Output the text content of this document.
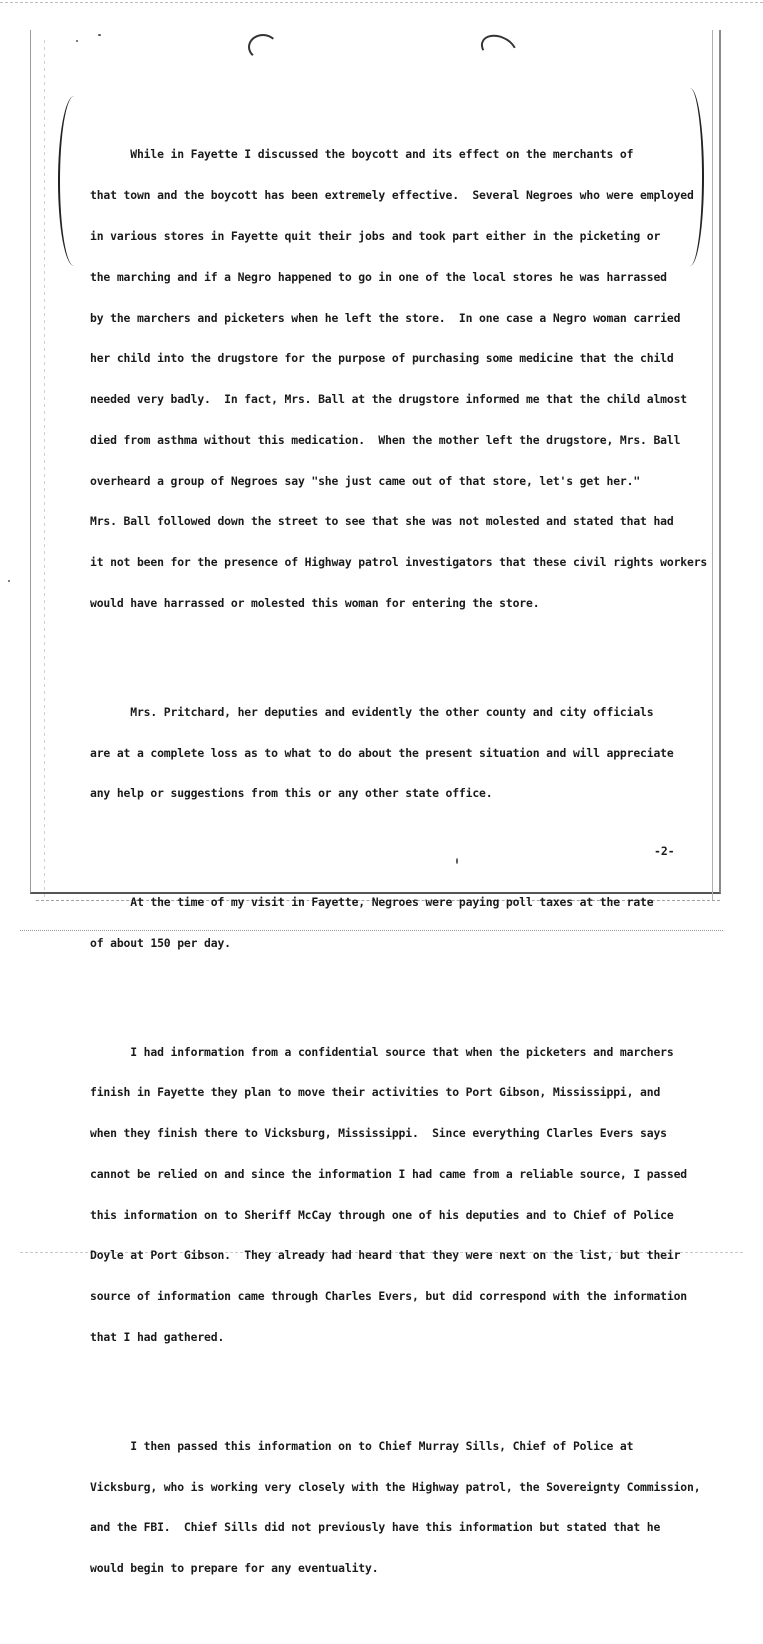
While in Fayette I discussed the boycott and its effect on the merchants of

that town and the boycott has been extremely effective.  Several Negroes who were employed

in various stores in Fayette quit their jobs and took part either in the picketing or

the marching and if a Negro happened to go in one of the local stores he was harrassed

by the marchers and picketers when he left the store.  In one case a Negro woman carried

her child into the drugstore for the purpose of purchasing some medicine that the child

needed very badly.  In fact, Mrs. Ball at the drugstore informed me that the child almost

died from asthma without this medication.  When the mother left the drugstore, Mrs. Ball

overheard a group of Negroes say "she just came out of that store, let's get her."

Mrs. Ball followed down the street to see that she was not molested and stated that had

it not been for the presence of Highway patrol investigators that these civil rights workers

would have harrassed or molested this woman for entering the store.

Mrs. Pritchard, her deputies and evidently the other county and city officials

are at a complete loss as to what to do about the present situation and will appreciate

any help or suggestions from this or any other state office.

At the time of my visit in Fayette, Negroes were paying poll taxes at the rate

of about 150 per day.

I had information from a confidential source that when the picketers and marchers

finish in Fayette they plan to move their activities to Port Gibson, Mississippi, and

when they finish there to Vicksburg, Mississippi.  Since everything Clarles Evers says

cannot be relied on and since the information I had came from a reliable source, I passed

this information on to Sheriff McCay through one of his deputies and to Chief of Police

Doyle at Port Gibson.  They already had heard that they were next on the list, but their

source of information came through Charles Evers, but did correspond with the information

that I had gathered.

I then passed this information on to Chief Murray Sills, Chief of Police at

Vicksburg, who is working very closely with the Highway patrol, the Sovereignty Commission,

and the FBI.  Chief Sills did not previously have this information but stated that he

would begin to prepare for any eventuality.

-2-
